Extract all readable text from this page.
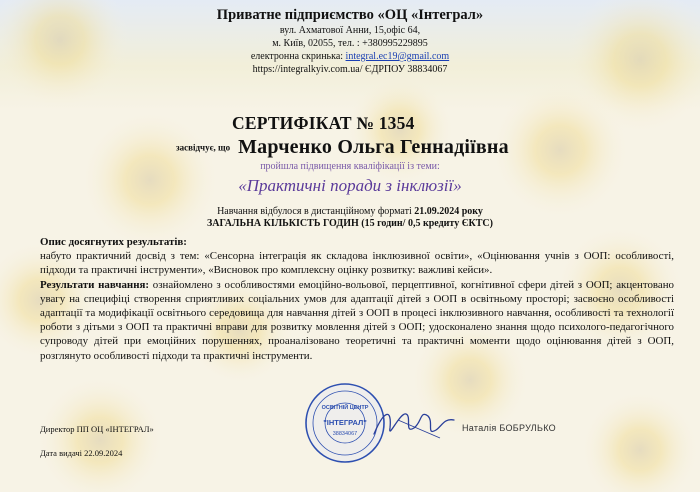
Приватне підприємство «ОЦ «Інтеграл»
вул. Ахматової Анни, 15,офіс 64,
м. Київ, 02055, тел. : +380995229895
електронна скринька: integral.ec19@gmail.com
https://integralkyiv.com.ua/ ЄДРПОУ 38834067
СЕРТИФІКАТ № 1354
засвідчує, що Марченко Ольга Геннадіївна
пройшла підвищення кваліфікації із теми:
«Практичні поради з інклюзії»
Навчання відбулося в дистанційному форматі 21.09.2024 року
ЗАГАЛЬНА КІЛЬКІСТЬ ГОДИН (15 годин/ 0,5 кредиту ЄКТС)

Опис досягнутих результатів:

набуто практичний досвід з тем: «Сенсорна інтеграція як складова інклюзивної освіти», «Оцінювання учнів з ООП: особливості, підходи та практичні інструменти», «Висновок про комплексну оцінку розвитку: важливі кейси».

Результати навчання: ознайомлено з особливостями емоційно-вольової, перцептивної, когнітивної сфери дітей з ООП; акцентовано увагу на специфіці створення сприятливих соціальних умов для адаптації дітей з ООП в освітньому просторі; засвоєно особливості адаптації та модифікації освітнього середовища для навчання дітей з ООП в процесі інклюзивного навчання, особливості та технології роботи з дітьми з ООП та практичні вправи для розвитку мовлення дітей з ООП; удосконалено знання щодо психолого-педагогічного супроводу дітей при емоційних порушеннях, проаналізовано теоретичні та практичні моменти щодо оцінювання дітей з ООП, розглянуто особливості підходи та практичні інструменти.

Директор ПП ОЦ «ІНТЕГРАЛ»
Дата видачі 22.09.2024
ОСВІТНІЙ ЦЕНТР
"ІНТЕГРАЛ"
38834067
Наталія БОБРУЛЬКО
